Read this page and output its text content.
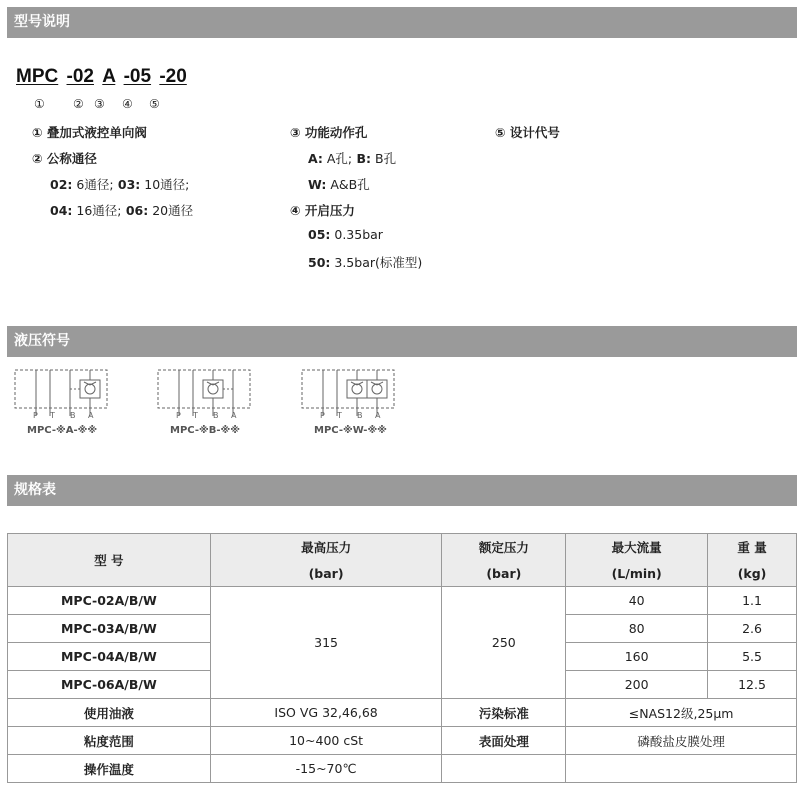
型号说明
MPC -02 A -05 -20
① ② ③ ④ ⑤
① 叠加式液控单向阀
② 公称通径
02: 6通径; 03: 10通径;
04: 16通径; 06: 20通径
③ 功能动作孔
A: A孔; B: B孔
W: A&B孔
④ 开启压力
05: 0.35bar
50: 3.5bar(标准型)
⑤ 设计代号
液压符号
P T B A
MPC-※A-※※
P T B A
MPC-※B-※※
P T B A
MPC-※W-※※
规格表
型 号	最高压力	额定压力	最大流量	重 量
	(bar)	(bar)	(L/min)	(kg)
MPC-02A/B/W	315	250	40	1.1
MPC-03A/B/W			80	2.6
MPC-04A/B/W			160	5.5
MPC-06A/B/W			200	12.5
使用油液	ISO VG 32,46,68	污染标准	≤NAS12级,25μm	
粘度范围	10~400 cSt	表面处理	磷酸盐皮膜处理	
操作温度	-15~70℃			
